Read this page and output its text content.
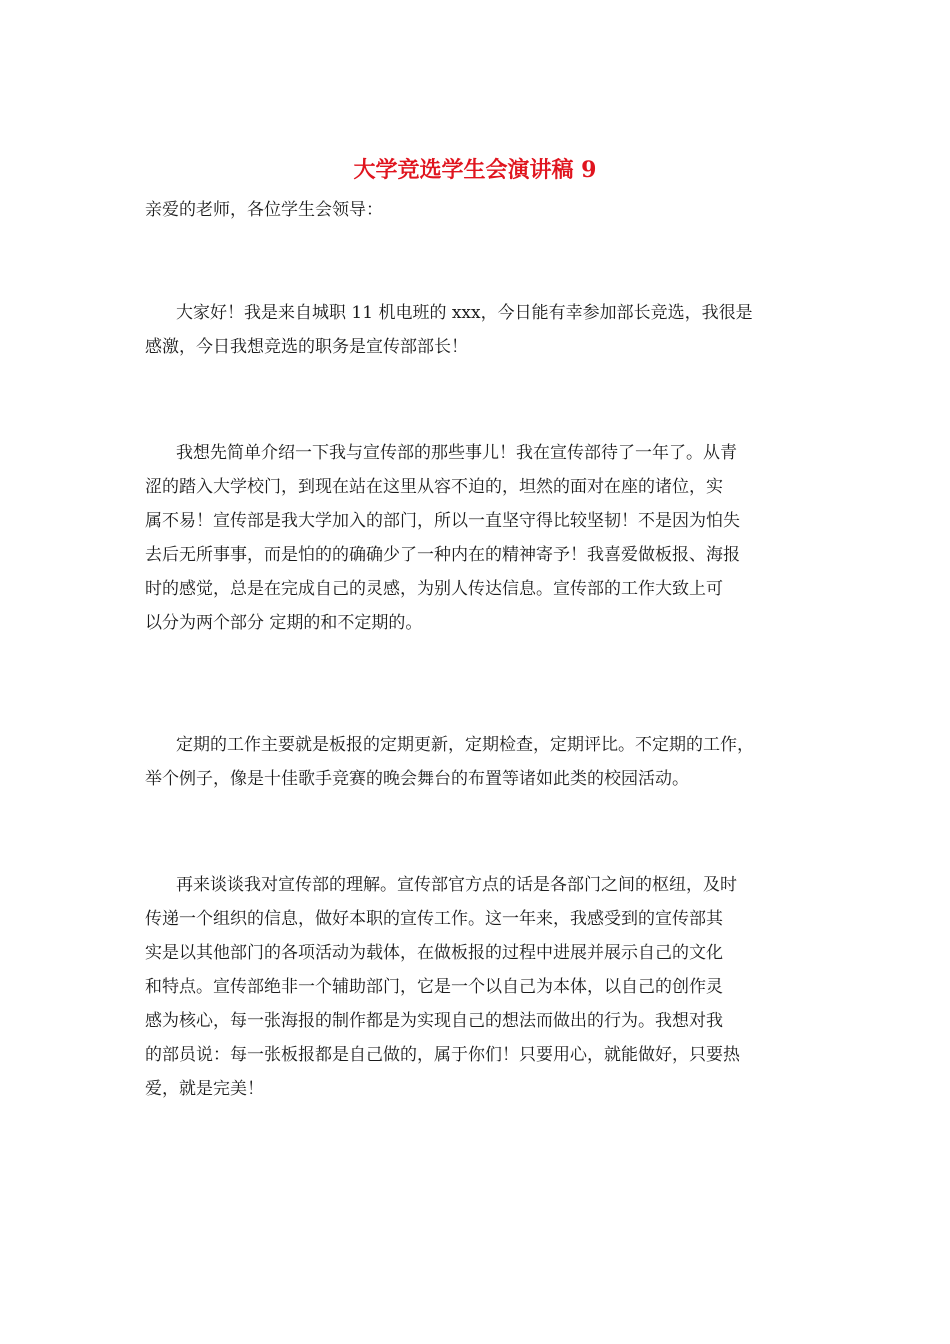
大学竞选学生会演讲稿 9
亲爱的老师，各位学生会领导：
大家好！我是来自城职 11 机电班的 xxx，今日能有幸参加部长竞选，我很是
感激，今日我想竞选的职务是宣传部部长！
我想先简单介绍一下我与宣传部的那些事儿！我在宣传部待了一年了。从青
涩的踏入大学校门，到现在站在这里从容不迫的，坦然的面对在座的诸位，实
属不易！宣传部是我大学加入的部门，所以一直坚守得比较坚韧！不是因为怕失
去后无所事事，而是怕的的确确少了一种内在的精神寄予！我喜爱做板报、海报
时的感觉，总是在完成自己的灵感，为别人传达信息。宣传部的工作大致上可
以分为两个部分 定期的和不定期的。
定期的工作主要就是板报的定期更新，定期检查，定期评比。不定期的工作，
举个例子，像是十佳歌手竞赛的晚会舞台的布置等诸如此类的校园活动。
再来谈谈我对宣传部的理解。宣传部官方点的话是各部门之间的枢纽，及时
传递一个组织的信息，做好本职的宣传工作。这一年来，我感受到的宣传部其
实是以其他部门的各项活动为载体，在做板报的过程中进展并展示自己的文化
和特点。宣传部绝非一个辅助部门，它是一个以自己为本体，以自己的创作灵
感为核心，每一张海报的制作都是为实现自己的想法而做出的行为。我想对我
的部员说：每一张板报都是自己做的，属于你们！只要用心，就能做好，只要热
爱，就是完美！
